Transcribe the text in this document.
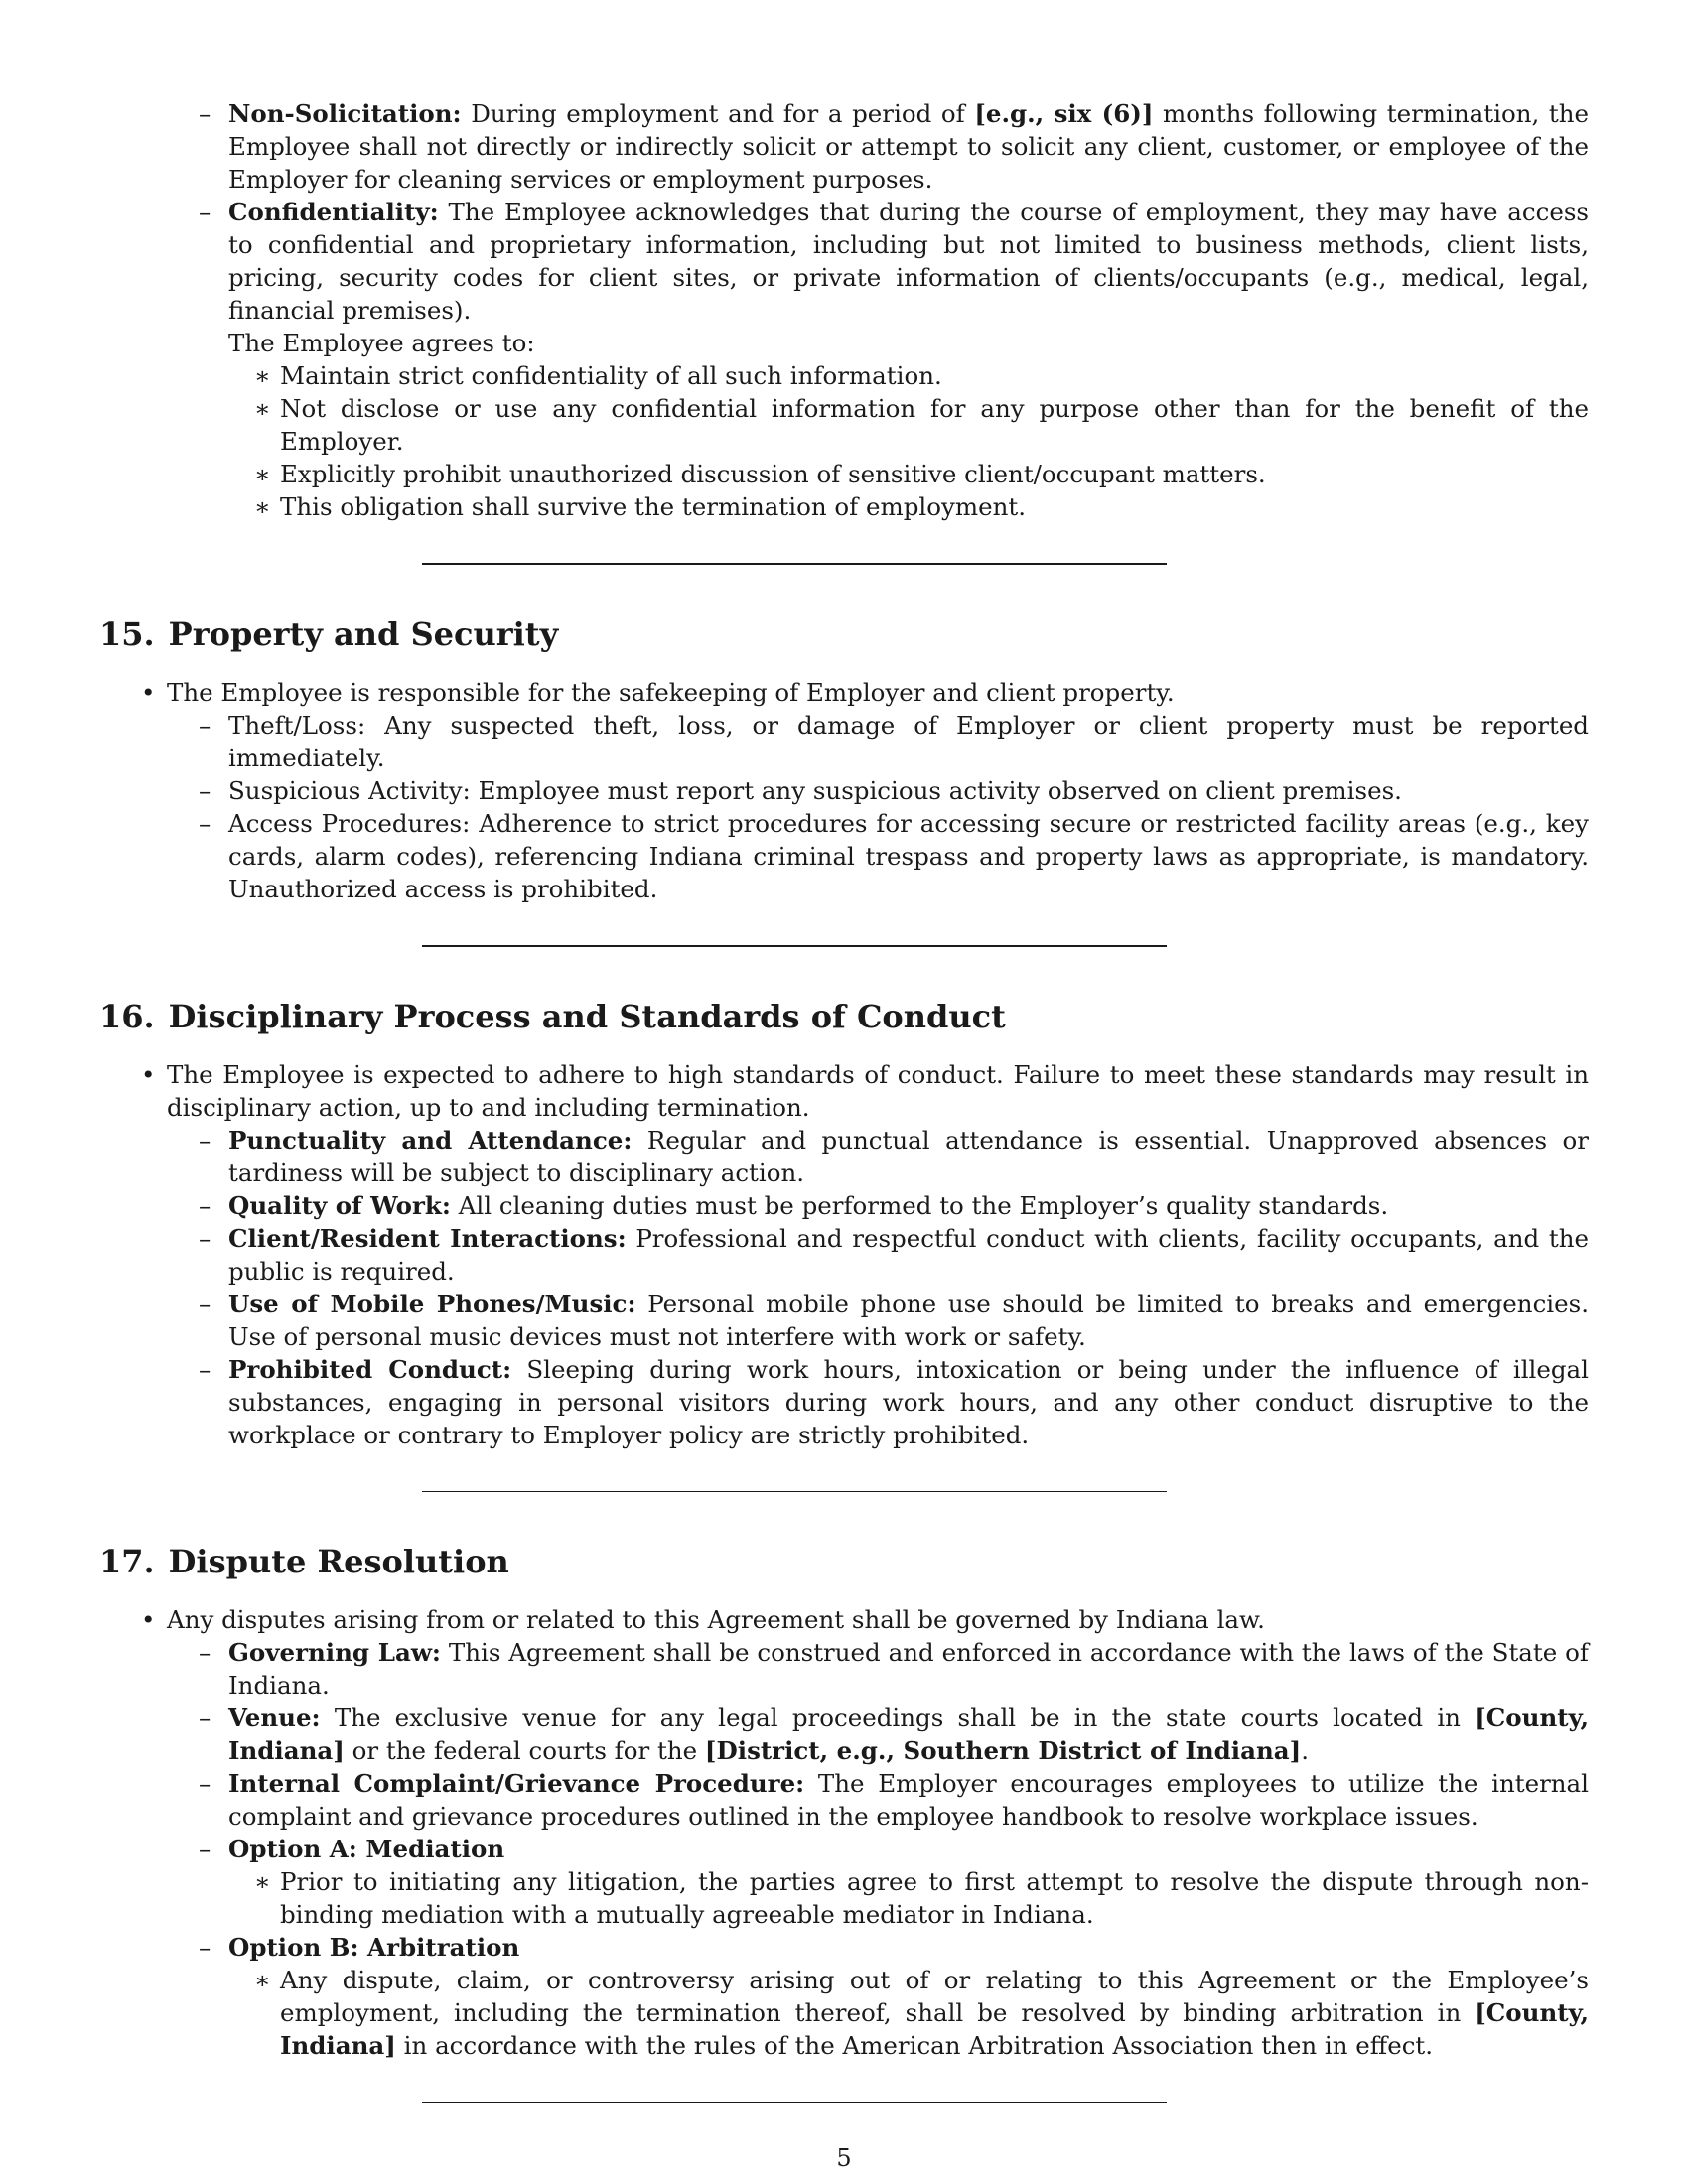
– Non-Solicitation: During employment and for a period of [e.g., six (6)] months following termination, the Employee shall not directly or indirectly solicit or attempt to solicit any client, customer, or employee of the Employer for cleaning services or employment purposes.
– Confidentiality: The Employee acknowledges that during the course of employment, they may have access to confidential and proprietary information, including but not limited to business methods, client lists, pricing, security codes for client sites, or private information of clients/occupants (e.g., medical, legal, financial premises).
The Employee agrees to:
∗ Maintain strict confidentiality of all such information.
∗ Not disclose or use any confidential information for any purpose other than for the benefit of the Employer.
∗ Explicitly prohibit unauthorized discussion of sensitive client/occupant matters.
∗ This obligation shall survive the termination of employment.
15. Property and Security
• The Employee is responsible for the safekeeping of Employer and client property.
– Theft/Loss: Any suspected theft, loss, or damage of Employer or client property must be reported immediately.
– Suspicious Activity: Employee must report any suspicious activity observed on client premises.
– Access Procedures: Adherence to strict procedures for accessing secure or restricted facility areas (e.g., key cards, alarm codes), referencing Indiana criminal trespass and property laws as appropriate, is mandatory. Unauthorized access is prohibited.
16. Disciplinary Process and Standards of Conduct
• The Employee is expected to adhere to high standards of conduct. Failure to meet these standards may result in disciplinary action, up to and including termination.
– Punctuality and Attendance: Regular and punctual attendance is essential. Unapproved absences or tardiness will be subject to disciplinary action.
– Quality of Work: All cleaning duties must be performed to the Employer’s quality standards.
– Client/Resident Interactions: Professional and respectful conduct with clients, facility occupants, and the public is required.
– Use of Mobile Phones/Music: Personal mobile phone use should be limited to breaks and emergencies. Use of personal music devices must not interfere with work or safety.
– Prohibited Conduct: Sleeping during work hours, intoxication or being under the influence of illegal substances, engaging in personal visitors during work hours, and any other conduct disruptive to the workplace or contrary to Employer policy are strictly prohibited.
17. Dispute Resolution
• Any disputes arising from or related to this Agreement shall be governed by Indiana law.
– Governing Law: This Agreement shall be construed and enforced in accordance with the laws of the State of Indiana.
– Venue: The exclusive venue for any legal proceedings shall be in the state courts located in [County, Indiana] or the federal courts for the [District, e.g., Southern District of Indiana].
– Internal Complaint/Grievance Procedure: The Employer encourages employees to utilize the internal complaint and grievance procedures outlined in the employee handbook to resolve workplace issues.
– Option A: Mediation
∗ Prior to initiating any litigation, the parties agree to first attempt to resolve the dispute through non-binding mediation with a mutually agreeable mediator in Indiana.
– Option B: Arbitration
∗ Any dispute, claim, or controversy arising out of or relating to this Agreement or the Employee’s employment, including the termination thereof, shall be resolved by binding arbitration in [County, Indiana] in accordance with the rules of the American Arbitration Association then in effect.
5
